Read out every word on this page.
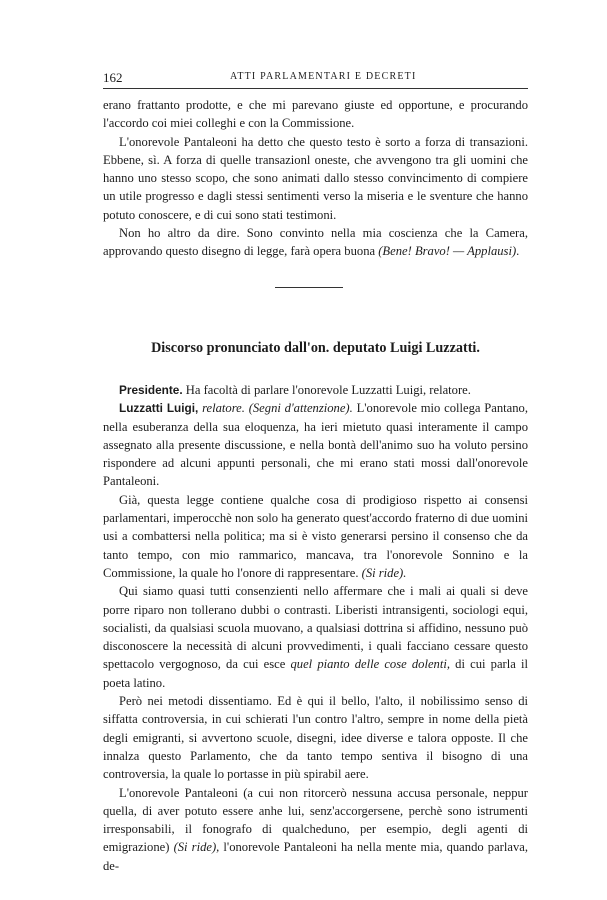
162	ATTI PARLAMENTARI E DECRETI

erano frattanto prodotte, e che mi parevano giuste ed opportune, e procurando l'accordo coi miei colleghi e con la Commissione.

L'onorevole Pantaleoni ha detto che questo testo è sorto a forza di transazioni. Ebbene, sì. A forza di quelle transazionl oneste, che avvengono tra gli uomini che hanno uno stesso scopo, che sono animati dallo stesso convincimento di compiere un utile progresso e dagli stessi sentimenti verso la miseria e le sventure che hanno potuto conoscere, e di cui sono stati testimoni.

Non ho altro da dire. Sono convinto nella mia coscienza che la Camera, approvando questo disegno di legge, farà opera buona (Bene! Bravo! — Applausi).

Discorso pronunciato dall'on. deputato Luigi Luzzatti.

Presidente. Ha facoltà di parlare l'onorevole Luzzatti Luigi, relatore.

Luzzatti Luigi, relatore. (Segni d'attenzione). L'onorevole mio collega Pantano, nella esuberanza della sua eloquenza, ha ieri mietuto quasi interamente il campo assegnato alla presente discussione, e nella bontà dell'animo suo ha voluto persino rispondere ad alcuni appunti personali, che mi erano stati mossi dall'onorevole Pantaleoni.

Già, questa legge contiene qualche cosa di prodigioso rispetto ai consensi parlamentari, imperocchè non solo ha generato quest'accordo fraterno di due uomini usi a combattersi nella politica; ma si è visto generarsi persino il consenso che da tanto tempo, con mio rammarico, mancava, tra l'onorevole Sonnino e la Commissione, la quale ho l'onore di rappresentare. (Si ride).

Qui siamo quasi tutti consenzienti nello affermare che i mali ai quali si deve porre riparo non tollerano dubbi o contrasti. Liberisti intransigenti, sociologi equi, socialisti, da qualsiasi scuola muovano, a qualsiasi dottrina si affidino, nessuno può disconoscere la necessità di alcuni provvedimenti, i quali facciano cessare questo spettacolo vergognoso, da cui esce quel pianto delle cose dolenti, di cui parla il poeta latino.

Però nei metodi dissentiamo. Ed è qui il bello, l'alto, il nobilissimo senso di siffatta controversia, in cui schierati l'un contro l'altro, sempre in nome della pietà degli emigranti, si avvertono scuole, disegni, idee diverse e talora opposte. Il che innalza questo Parlamento, che da tanto tempo sentiva il bisogno di una controversia, la quale lo portasse in più spirabil aere.

L'onorevole Pantaleoni (a cui non ritorcerò nessuna accusa personale, neppur quella, di aver potuto essere anhe lui, senz'accorgersene, perchè sono istrumenti irresponsabili, il fonografo di qualcheduno, per esempio, degli agenti di emigrazione) (Si ride), l'onorevole Pantaleoni ha nella mente mia, quando parlava, de-
